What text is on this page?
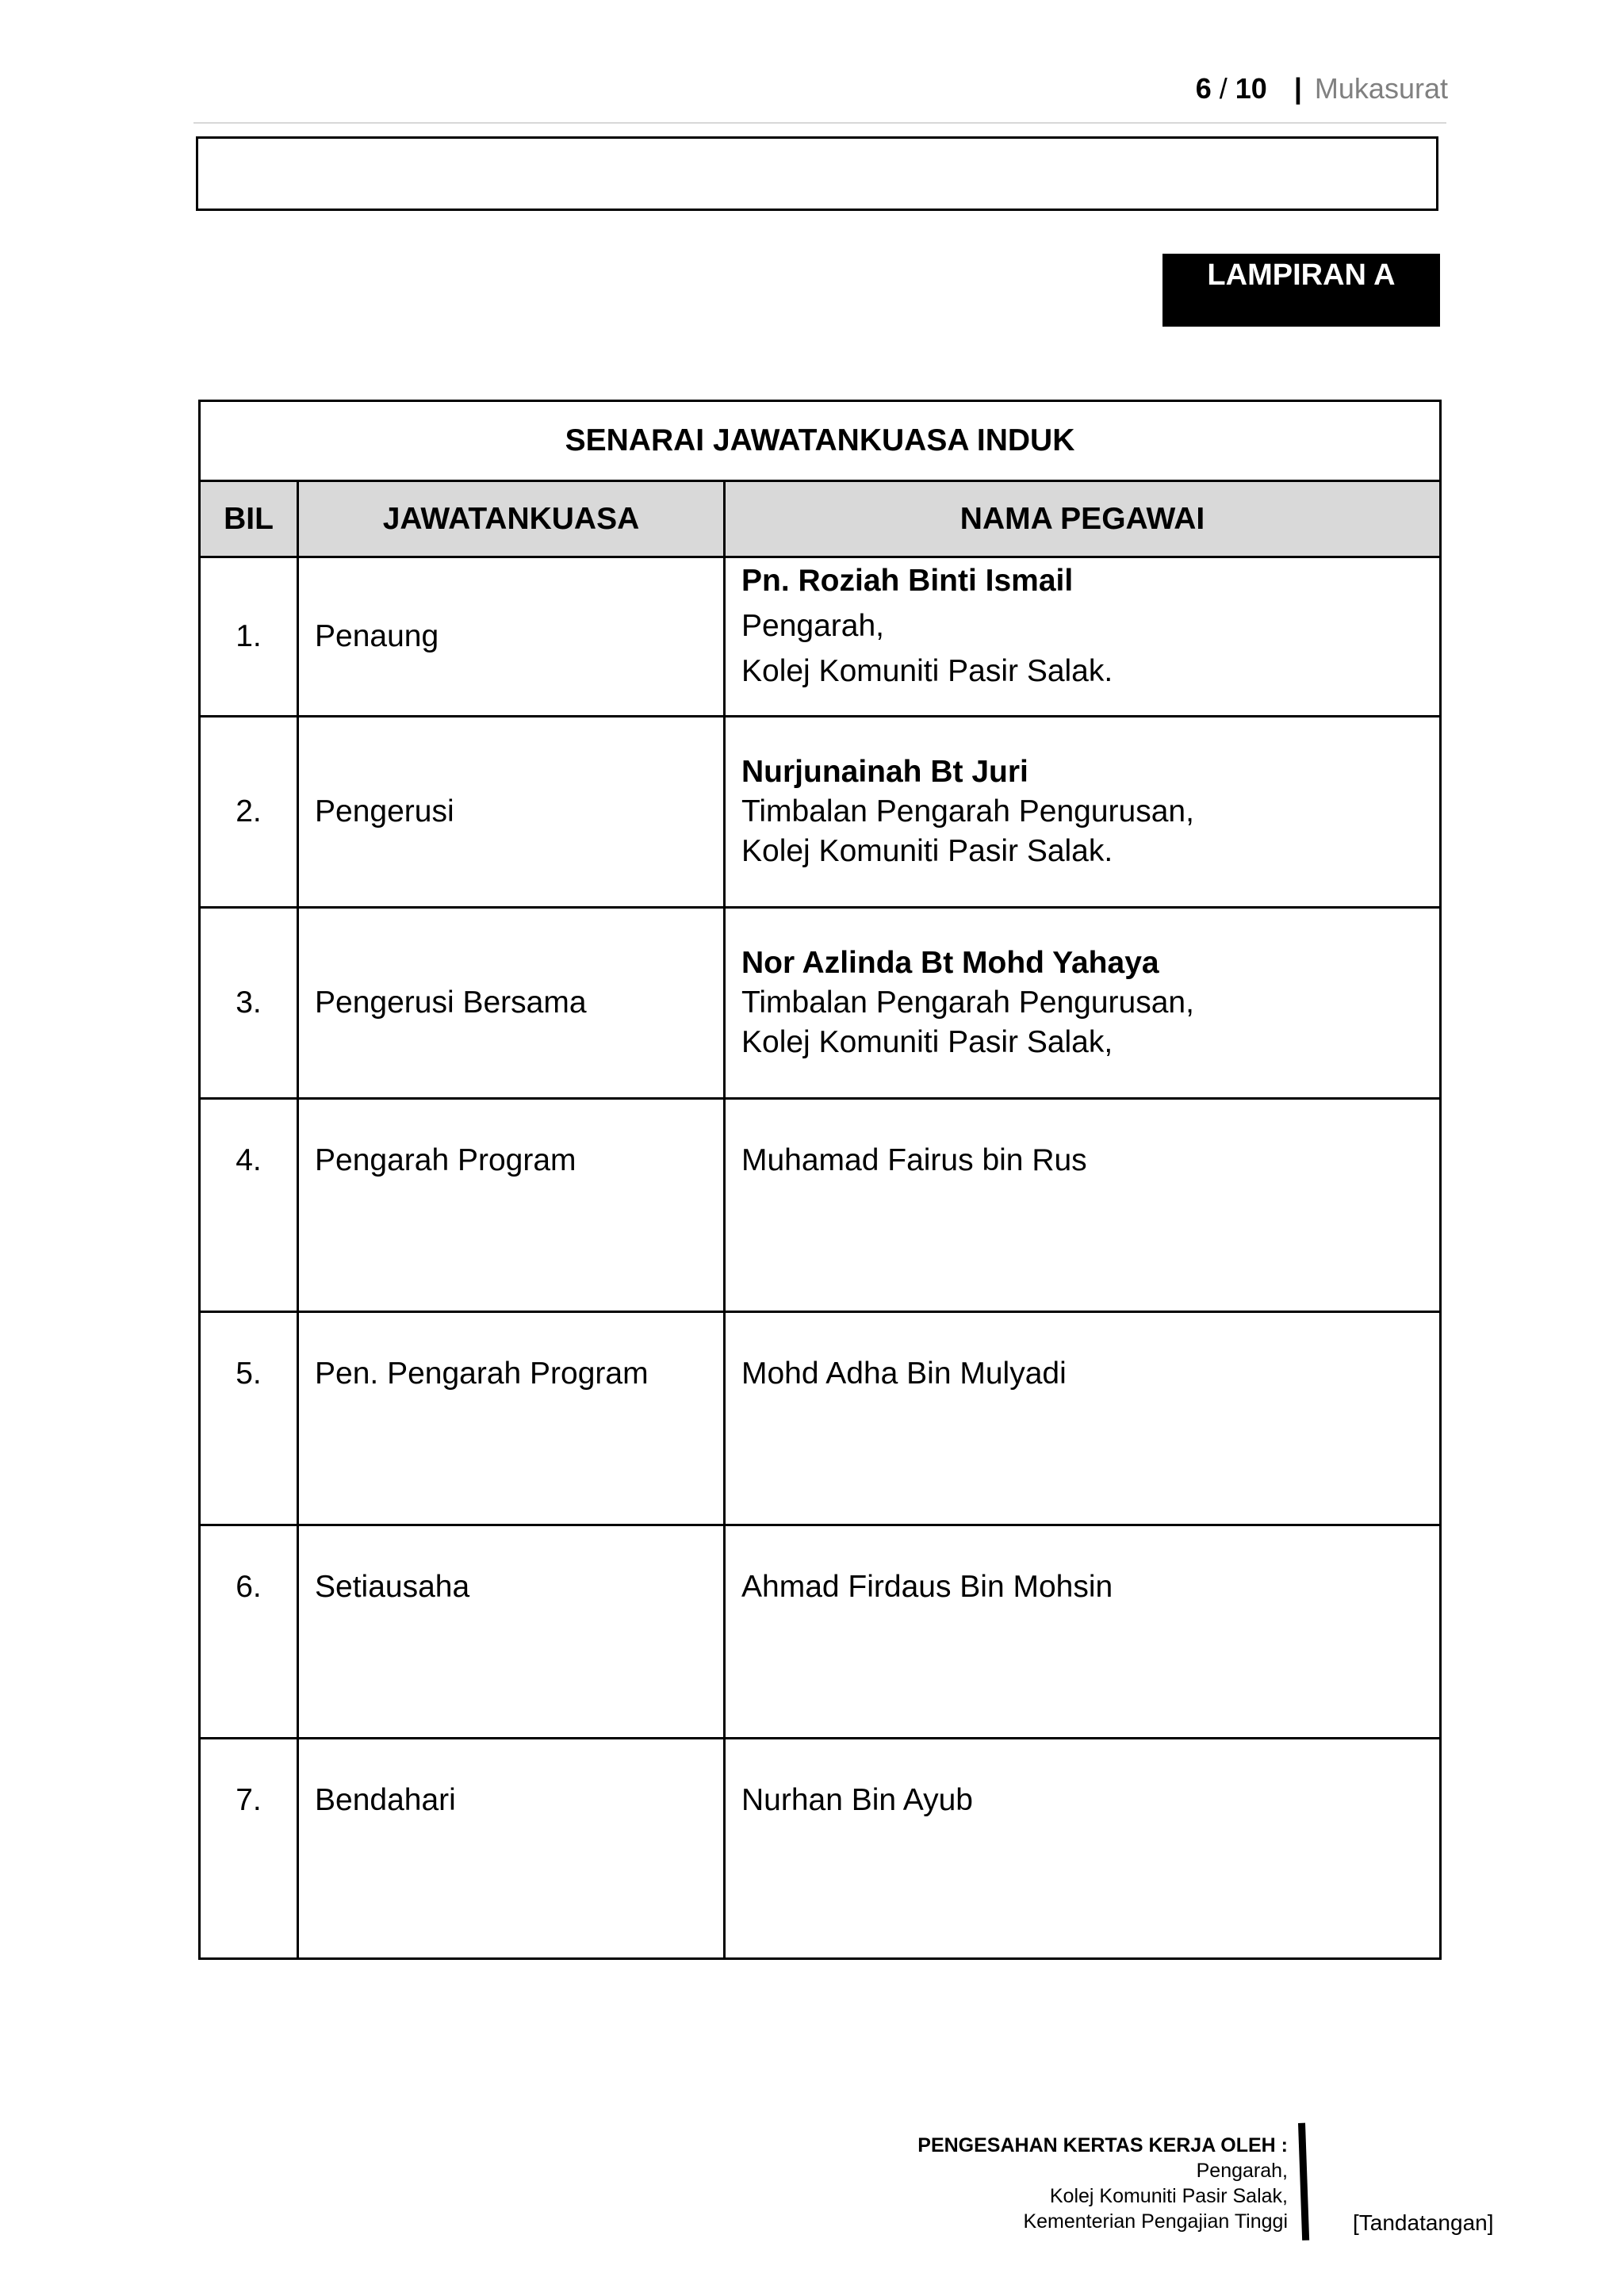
6 / 10 | Mukasurat
LAMPIRAN A
SENARAI JAWATANKUASA INDUK		
BIL	JAWATANKUASA	NAMA PEGAWAI
1.	Penaung	Pn. Roziah Binti Ismail
Pengarah,
Kolej Komuniti Pasir Salak.

2.	Pengerusi	Nurjunainah Bt Juri
Timbalan Pengarah Pengurusan,
Kolej Komuniti Pasir Salak.

3.	Pengerusi Bersama	Nor Azlinda Bt Mohd Yahaya
Timbalan Pengarah Pengurusan,
Kolej Komuniti Pasir Salak,

4.	Pengarah Program	Muhamad Fairus bin Rus
5.	Pen. Pengarah Program	Mohd Adha Bin Mulyadi
6.	Setiausaha	Ahmad Firdaus Bin Mohsin
7.	Bendahari	Nurhan Bin Ayub
PENGESAHAN KERTAS KERJA OLEH :
Pengarah,
Kolej Komuniti Pasir Salak,
Kementerian Pengajian Tinggi	[Tandatangan]
